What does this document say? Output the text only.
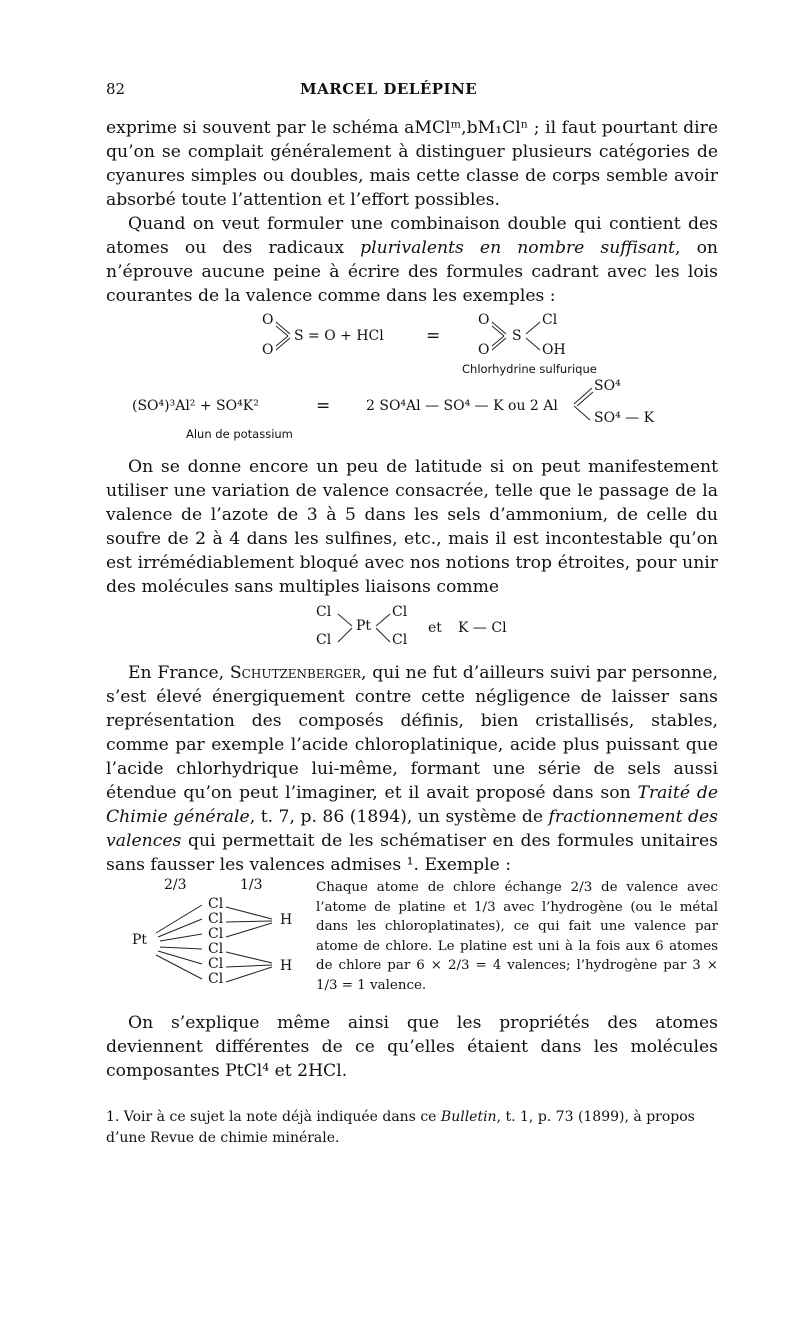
82	MARCEL DELÉPINE

exprime si souvent par le schéma aMClᵐ,bM₁Clⁿ ; il faut pourtant dire qu’on se complait généralement à distinguer plusieurs catégories de cyanures simples ou doubles, mais cette classe de corps semble avoir absorbé toute l’attention et l’effort possibles.

Quand on veut formuler une combinaison double qui contient des atomes ou des radicaux plurivalents en nombre suffisant, on n’éprouve aucune peine à écrire des formules cadrant avec les lois courantes de la valence comme dans les exemples :

O
O
S = O + HCl =
O
O
S
Cl
OH
Chlorhydrine sulfurique
(SO⁴)³Al² + SO⁴K²	=	2 SO⁴Al — SO⁴ — K ou 2 Al
SO⁴
SO⁴ — K
Alun de potassium

On se donne encore un peu de latitude si on peut manifestement utiliser une variation de valence consacrée, telle que le passage de la valence de l’azote de 3 à 5 dans les sels d’ammonium, de celle du soufre de 2 à 4 dans les sulfines, etc., mais il est incontestable qu’on est irrémédiablement bloqué avec nos notions trop étroites, pour unir des molécules sans multiples liaisons comme

Cl
Cl
Pt
Cl
Cl
et K — Cl

En France, Schutzenberger, qui ne fut d’ailleurs suivi par personne, s’est élevé énergiquement contre cette négligence de laisser sans représentation des composés définis, bien cristallisés, stables, comme par exemple l’acide chloroplatinique, acide plus puissant que l’acide chlorhydrique lui-même, formant une série de sels aussi étendue qu’on peut l’imaginer, et il avait proposé dans son Traité de Chimie générale, t. 7, p. 86 (1894), un système de fractionnement des valences qui permettait de les schématiser en des formules unitaires sans fausser les valences admises ¹. Exemple :

2/3	1/3
Pt
Cl
Cl
Cl
Cl
Cl
Cl
H
H
Chaque atome de chlore échange 2/3 de valence avec l’atome de platine et 1/3 avec l’hydrogène (ou le métal dans les chloroplatinates), ce qui fait une valence par atome de chlore. Le platine est uni à la fois aux 6 atomes de chlore par 6 × 2/3 = 4 valences; l’hydrogène par 3 × 1/3 = 1 valence.

On s’explique même ainsi que les propriétés des atomes deviennent différentes de ce qu’elles étaient dans les molécules composantes PtCl⁴ et 2HCl.

1. Voir à ce sujet la note déjà indiquée dans ce Bulletin, t. 1, p. 73 (1899), à propos d’une Revue de chimie minérale.
